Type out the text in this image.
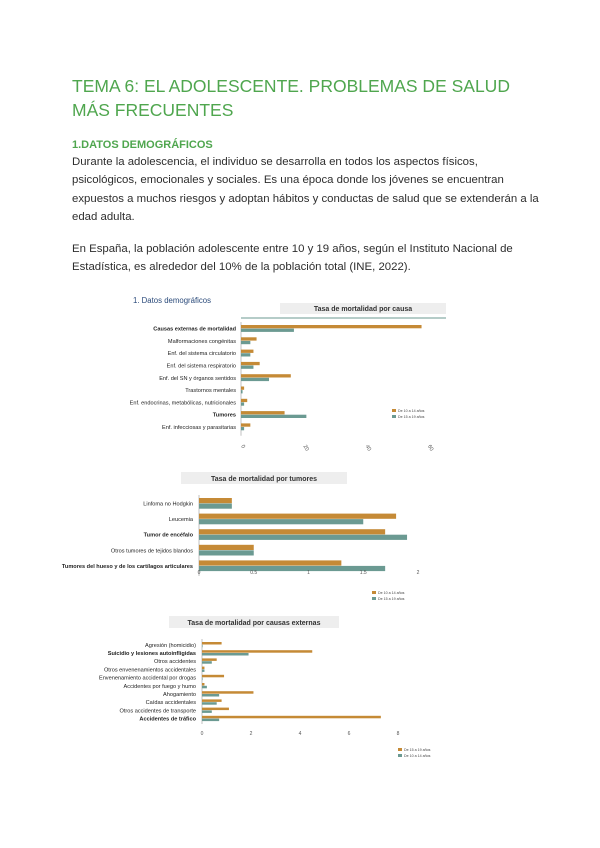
TEMA 6: EL ADOLESCENTE. PROBLEMAS DE SALUD MÁS FRECUENTES
1.DATOS DEMOGRÁFICOS
Durante la adolescencia, el individuo se desarrolla en todos los aspectos físicos, psicológicos, emocionales y sociales. Es una época donde los jóvenes se encuentran expuestos a muchos riesgos y adoptan hábitos y conductas de salud que se extenderán a la edad adulta.
En España, la población adolescente entre 10 y 19 años, según el Instituto Nacional de Estadística, es alrededor del 10% de la población total (INE, 2022).
1. Datos demográficos
Tasa de mortalidad por causa
Causas externas de mortalidad
Malformaciones congénitas
Enf. del sistema circulatorio
Enf. del sistema respiratorio
Enf. del SN y órganos sentidos
Trastornos mentales
Enf. endocrinas, metabólicas, nutricionales
Tumores
Enf. infecciosas y parasitarias
0	20	40	60
De 10 a 14 años
De 15 a 19 años
Tasa de mortalidad por tumores
Linfoma no Hodgkin
Leucemia
Tumor de encéfalo
Otros tumores de tejidos blandos
Tumores del hueso y de los cartílagos articulares
0	0.5	1	1.5	2
De 10 a 14 años
De 15 a 19 años
Tasa de mortalidad por causas externas
Agresión (homicidio)
Suicidio y lesiones autoinfligidas
Otros accidentes
Otros envenenamientos accidentales
Envenenamiento accidental por drogas
Accidentes por fuego y humo
Ahogamiento
Caídas accidentales
Otros accidentes de transporte
Accidentes de tráfico
0	2	4	6	8
De 15 a 19 años
De 10 a 14 años
